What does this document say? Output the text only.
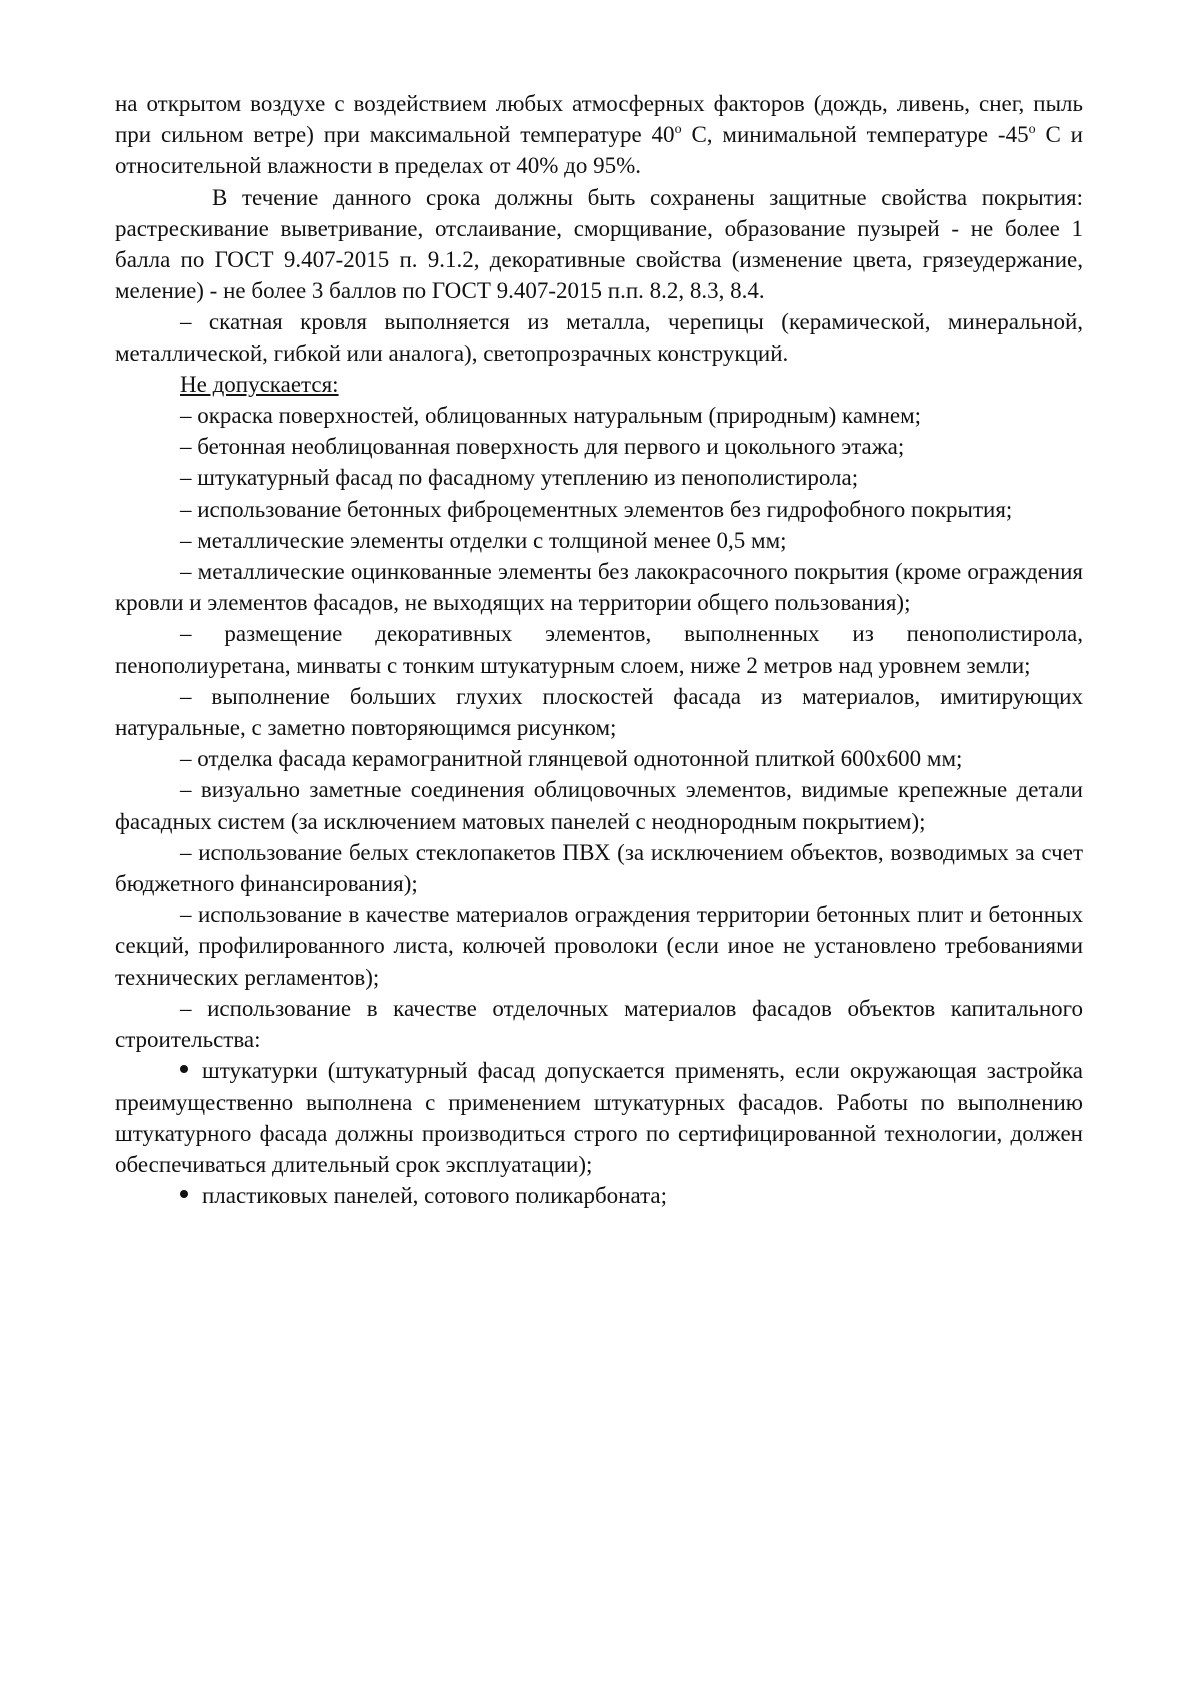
на открытом воздухе с воздействием любых атмосферных факторов (дождь, ливень, снег, пыль при сильном ветре) при максимальной температуре $40^о$ С, минимальной температуре $-45^о$ С и относительной влажности в пределах от 40% до 95%.

В течение данного срока должны быть сохранены защитные свойства покрытия: растрескивание выветривание, отслаивание, сморщивание, образование пузырей - не более 1 балла по ГОСТ 9.407-2015 п. 9.1.2, декоративные свойства (изменение цвета, грязеудержание, меление) - не более 3 баллов по ГОСТ 9.407-2015 п.п. 8.2, 8.3, 8.4.

– скатная кровля выполняется из металла, черепицы (керамической, минеральной, металлической, гибкой или аналога), светопрозрачных конструкций.

Не допускается:

– окраска поверхностей, облицованных натуральным (природным) камнем;

– бетонная необлицованная поверхность для первого и цокольного этажа;

– штукатурный фасад по фасадному утеплению из пенополистирола;

– использование бетонных фиброцементных элементов без гидрофобного покрытия;

– металлические элементы отделки с толщиной менее 0,5 мм;

– металлические оцинкованные элементы без лакокрасочного покрытия (кроме ограждения кровли и элементов фасадов, не выходящих на территории общего пользования);

– размещение декоративных элементов, выполненных из пенополистирола, пенополиуретана, минваты с тонким штукатурным слоем, ниже 2 метров над уровнем земли;

– выполнение больших глухих плоскостей фасада из материалов, имитирующих натуральные, с заметно повторяющимся рисунком;

– отделка фасада керамогранитной глянцевой однотонной плиткой 600х600 мм;

– визуально заметные соединения облицовочных элементов, видимые крепежные детали фасадных систем (за исключением матовых панелей с неоднородным покрытием);

– использование белых стеклопакетов ПВХ (за исключением объектов, возводимых за счет бюджетного финансирования);

– использование в качестве материалов ограждения территории бетонных плит и бетонных секций, профилированного листа, колючей проволоки (если иное не установлено требованиями технических регламентов);

– использование в качестве отделочных материалов фасадов объектов капитального строительства:

штукатурки (штукатурный фасад допускается применять, если окружающая застройка преимущественно выполнена с применением штукатурных фасадов. Работы по выполнению штукатурного фасада должны производиться строго по сертифицированной технологии, должен обеспечиваться длительный срок эксплуатации);

пластиковых панелей, сотового поликарбоната;
